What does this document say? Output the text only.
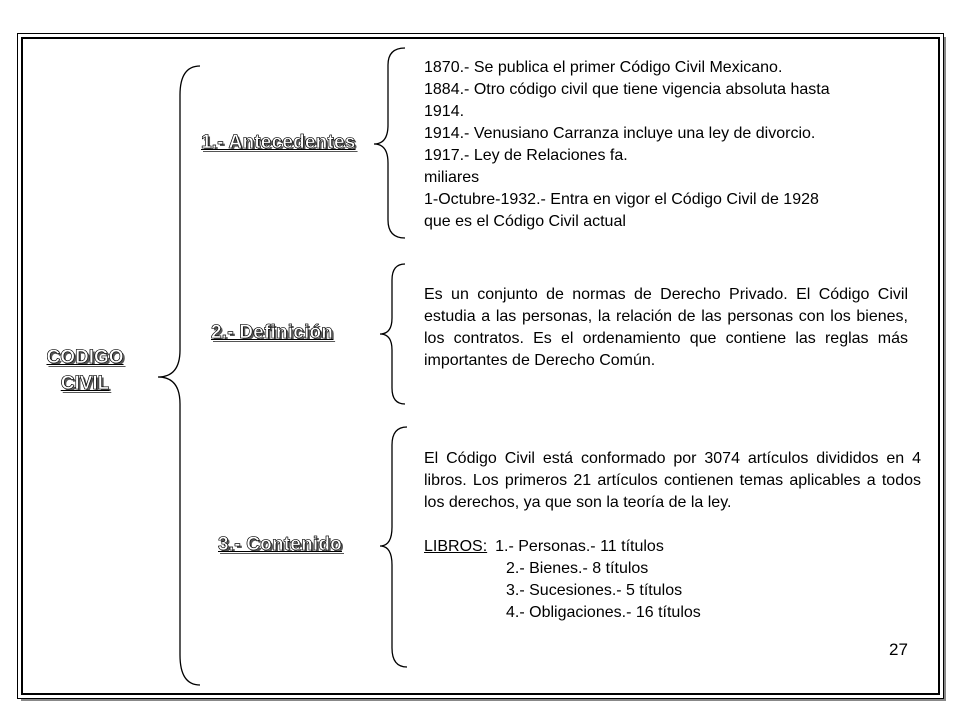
CODIGO
CIVIL
1.- Antecedentes
2.- Definición
3.- Contenido
1870.- Se publica el primer Código Civil Mexicano.
1884.- Otro código civil que tiene vigencia absoluta hasta
1914.
1914.- Venusiano Carranza incluye una ley de divorcio.
1917.- Ley de Relaciones fa.
miliares
1-Octubre-1932.- Entra en vigor el Código Civil de 1928
que es el Código Civil actual
Es un conjunto de normas de Derecho Privado. El Código Civil estudia a las personas, la relación de las personas con los bienes, los contratos. Es el ordenamiento que contiene las reglas más importantes de Derecho Común.
El Código Civil está conformado por 3074 artículos divididos en 4 libros. Los primeros 21 artículos contienen temas aplicables a todos los derechos, ya que son la teoría de la ley.
LIBROS: 1.- Personas.- 11 títulos
2.- Bienes.- 8 títulos
3.- Sucesiones.- 5 títulos
4.- Obligaciones.- 16 títulos
27
